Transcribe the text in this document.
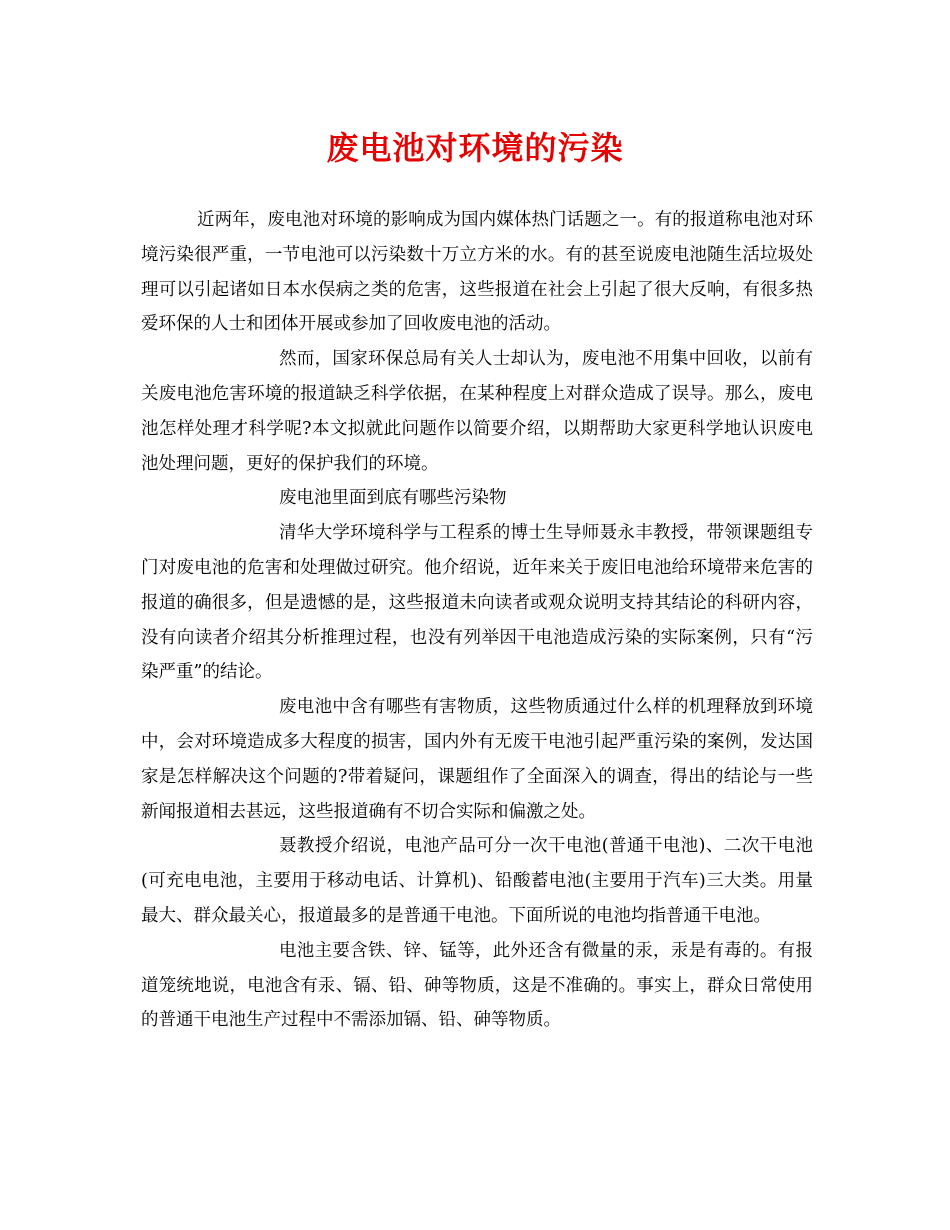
废电池对环境的污染

近两年，废电池对环境的影响成为国内媒体热门话题之一。有的报道称电池对环境污染很严重，一节电池可以污染数十万立方米的水。有的甚至说废电池随生活垃圾处理可以引起诸如日本水俣病之类的危害，这些报道在社会上引起了很大反响，有很多热爱环保的人士和团体开展或参加了回收废电池的活动。

然而，国家环保总局有关人士却认为，废电池不用集中回收，以前有关废电池危害环境的报道缺乏科学依据，在某种程度上对群众造成了误导。那么，废电池怎样处理才科学呢?本文拟就此问题作以简要介绍，以期帮助大家更科学地认识废电池处理问题，更好的保护我们的环境。

废电池里面到底有哪些污染物

清华大学环境科学与工程系的博士生导师聂永丰教授，带领课题组专门对废电池的危害和处理做过研究。他介绍说，近年来关于废旧电池给环境带来危害的报道的确很多，但是遗憾的是，这些报道未向读者或观众说明支持其结论的科研内容，没有向读者介绍其分析推理过程，也没有列举因干电池造成污染的实际案例，只有“污染严重”的结论。

废电池中含有哪些有害物质，这些物质通过什么样的机理释放到环境中，会对环境造成多大程度的损害，国内外有无废干电池引起严重污染的案例，发达国家是怎样解决这个问题的?带着疑问，课题组作了全面深入的调查，得出的结论与一些新闻报道相去甚远，这些报道确有不切合实际和偏激之处。

聂教授介绍说，电池产品可分一次干电池(普通干电池)、二次干电池(可充电电池，主要用于移动电话、计算机)、铅酸蓄电池(主要用于汽车)三大类。用量最大、群众最关心，报道最多的是普通干电池。下面所说的电池均指普通干电池。

电池主要含铁、锌、锰等，此外还含有微量的汞，汞是有毒的。有报道笼统地说，电池含有汞、镉、铅、砷等物质，这是不准确的。事实上，群众日常使用的普通干电池生产过程中不需添加镉、铅、砷等物质。
